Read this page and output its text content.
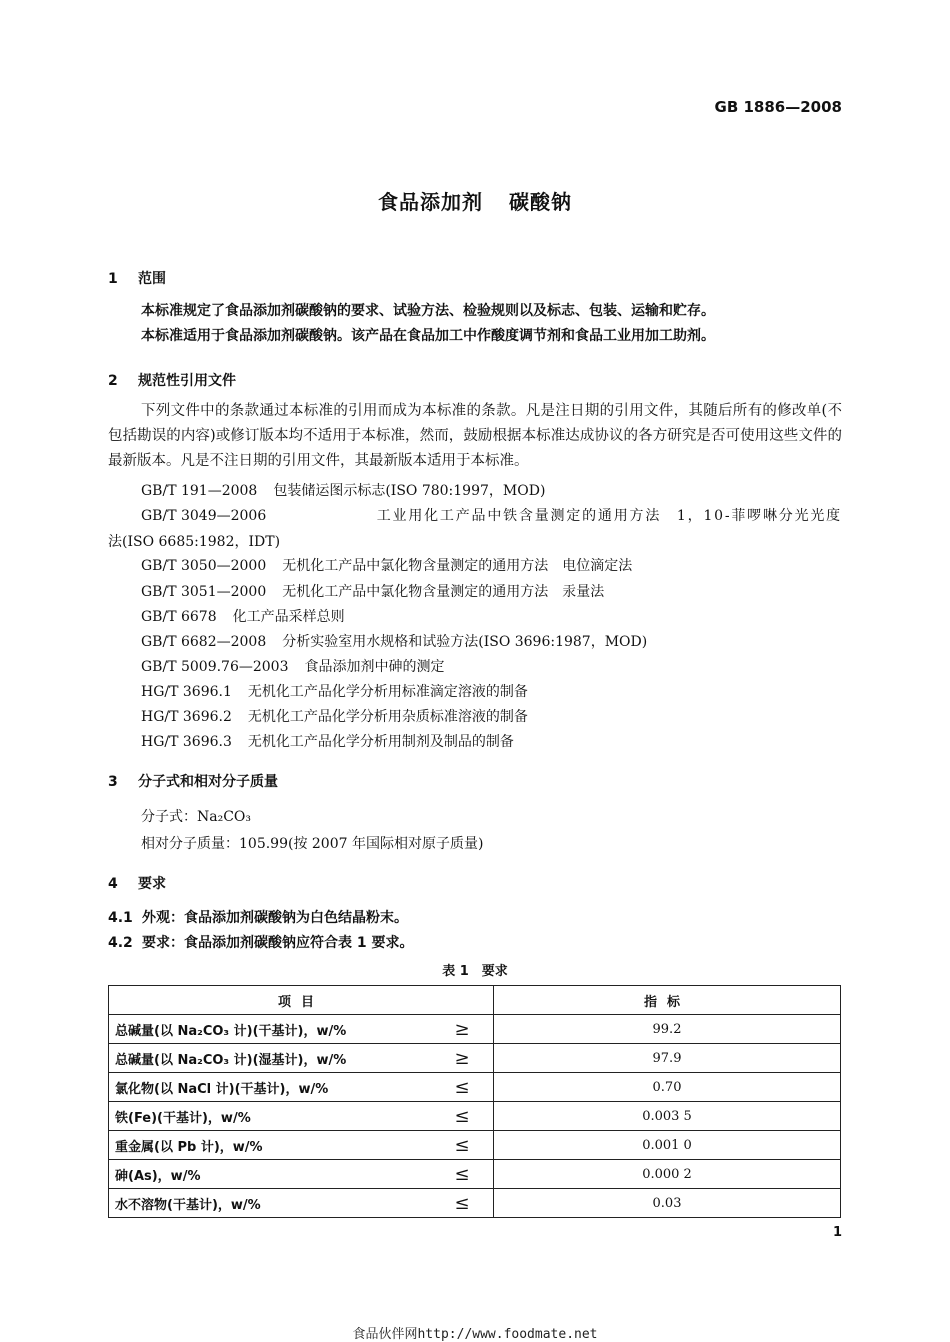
GB 1886—2008
食品添加剂 碳酸钠
1 范围
本标准规定了食品添加剂碳酸钠的要求、试验方法、检验规则以及标志、包装、运输和贮存。
本标准适用于食品添加剂碳酸钠。该产品在食品加工中作酸度调节剂和食品工业用加工助剂。
2 规范性引用文件
下列文件中的条款通过本标准的引用而成为本标准的条款。凡是注日期的引用文件，其随后所有的修改单(不包括勘误的内容)或修订版本均不适用于本标准，然而，鼓励根据本标准达成协议的各方研究是否可使用这些文件的最新版本。凡是不注日期的引用文件，其最新版本适用于本标准。
GB/T 191—2008 包装储运图示标志(ISO 780:1997，MOD)
GB/T 3049—2006	工业用化工产品中铁含量测定的通用方法　1，10-菲啰啉分光光度
法(ISO 6685:1982，IDT)
GB/T 3050—2000 无机化工产品中氯化物含量测定的通用方法　电位滴定法
GB/T 3051—2000 无机化工产品中氯化物含量测定的通用方法　汞量法
GB/T 6678 化工产品采样总则
GB/T 6682—2008 分析实验室用水规格和试验方法(ISO 3696:1987，MOD)
GB/T 5009.76—2003 食品添加剂中砷的测定
HG/T 3696.1 无机化工产品化学分析用标准滴定溶液的制备
HG/T 3696.2 无机化工产品化学分析用杂质标准溶液的制备
HG/T 3696.3 无机化工产品化学分析用制剂及制品的制备
3 分子式和相对分子质量
分子式：Na₂CO₃
相对分子质量：105.99(按 2007 年国际相对原子质量)
4 要求
4.1 外观：食品添加剂碳酸钠为白色结晶粉末。
4.2 要求：食品添加剂碳酸钠应符合表 1 要求。
表 1　要求
项目		指标
总碱量(以 Na₂CO₃ 计)(干基计)，w/%	≥	99.2
总碱量(以 Na₂CO₃ 计)(湿基计)，w/%	≥	97.9
氯化物(以 NaCl 计)(干基计)，w/%	≤	0.70
铁(Fe)(干基计)，w/%	≤	0.003 5
重金属(以 Pb 计)，w/%	≤	0.001 0
砷(As)，w/%	≤	0.000 2
水不溶物(干基计)，w/%	≤	0.03
1
食品伙伴网http://www.foodmate.net
